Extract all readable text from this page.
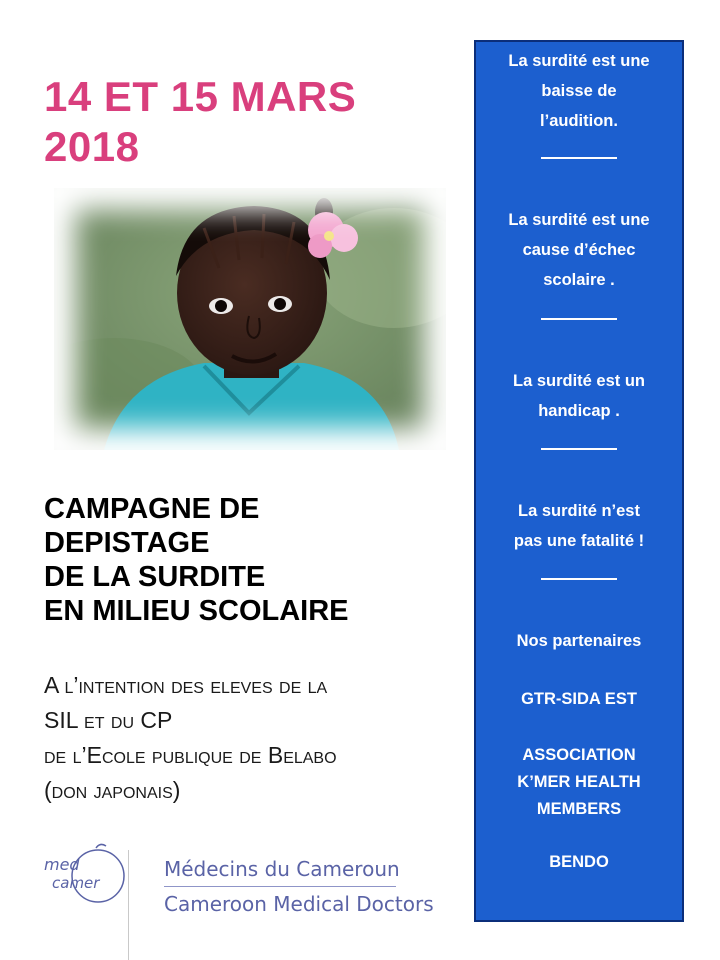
14 ET 15 MARS
2018
CAMPAGNE DE
DEPISTAGE
DE LA SURDITE
EN MILIEU SCOLAIRE
A l’intention des eleves de la
SIL et du CP
de l’Ecole publique de Belabo
(don japonais)
med
camer
Médecins du Cameroun
Cameroon Medical Doctors
La surdité est une
baisse de
l’audition.
La surdité est une
cause d’échec
scolaire .
La surdité est un
handicap .
La surdité n’est
pas une fatalité !
Nos partenaires
GTR-SIDA EST
ASSOCIATION
K’MER HEALTH
MEMBERS
BENDO
